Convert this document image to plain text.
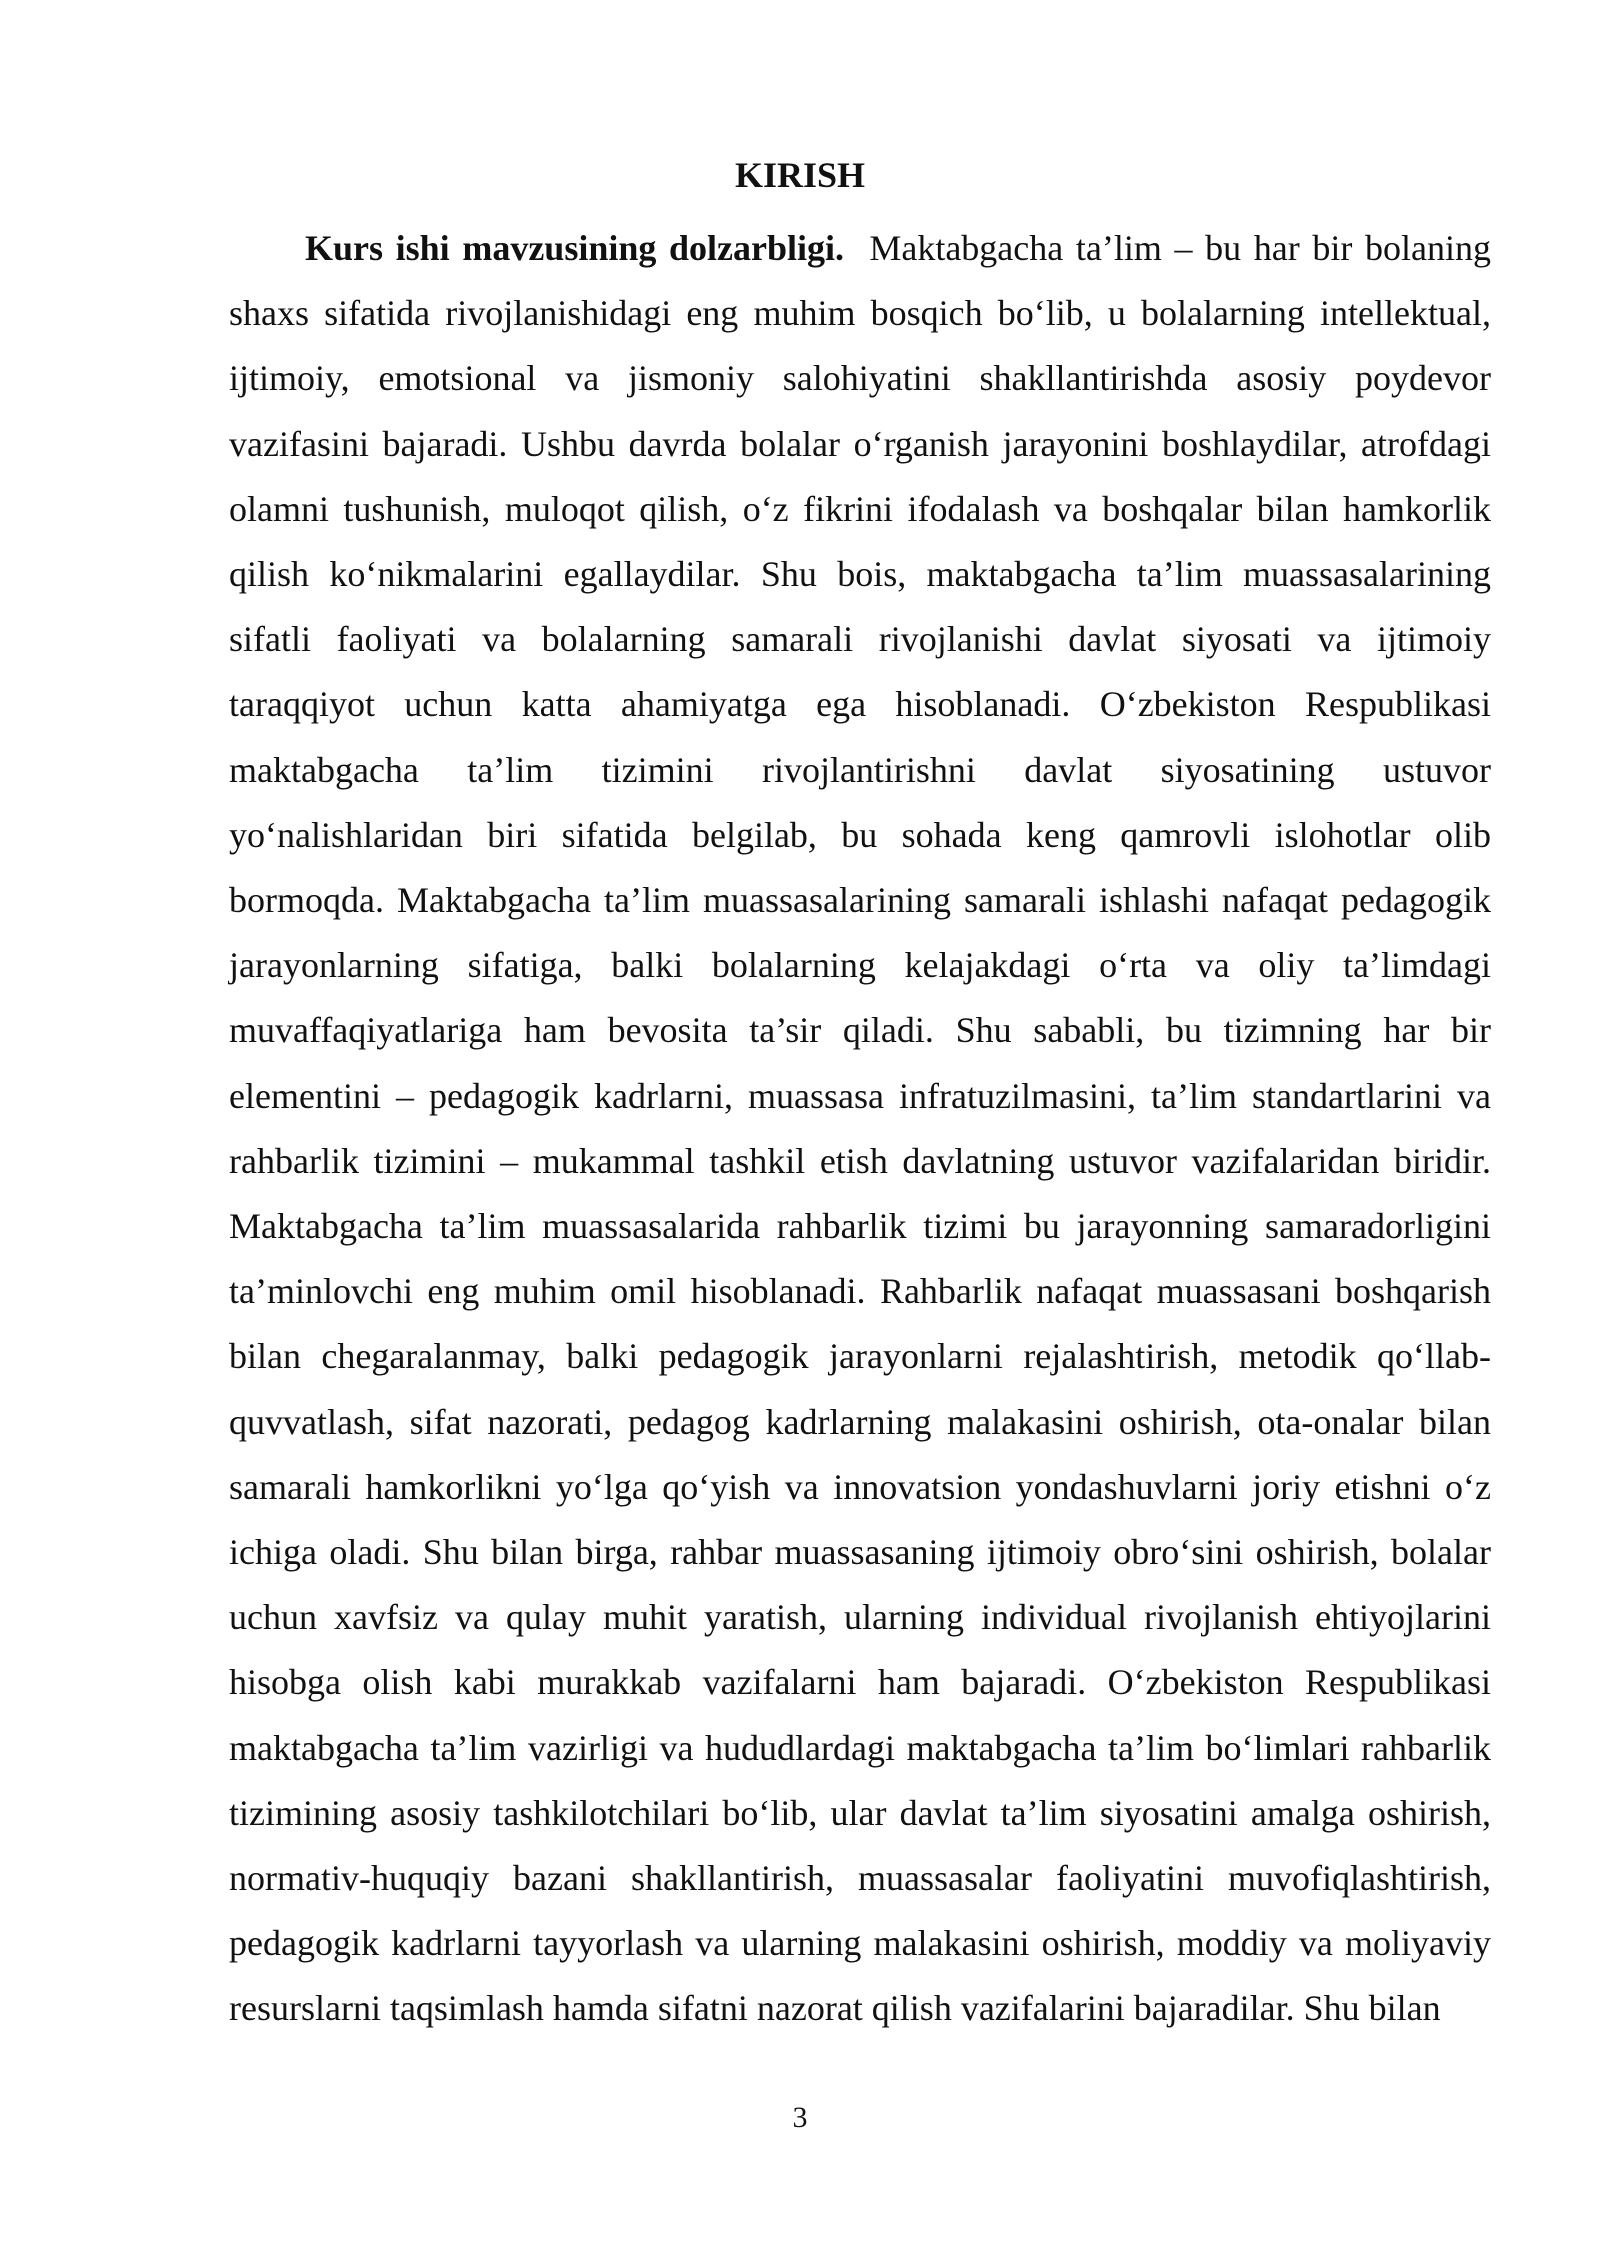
KIRISH

Kurs ishi mavzusining dolzarbligi. Maktabgacha ta’lim – bu har bir bolaning shaxs sifatida rivojlanishidagi eng muhim bosqich bo‘lib, u bolalarning intellektual, ijtimoiy, emotsional va jismoniy salohiyatini shakllantirishda asosiy poydevor vazifasini bajaradi. Ushbu davrda bolalar o‘rganish jarayonini boshlaydilar, atrofdagi olamni tushunish, muloqot qilish, o‘z fikrini ifodalash va boshqalar bilan hamkorlik qilish ko‘nikmalarini egallaydilar. Shu bois, maktabgacha ta’lim muassasalarining sifatli faoliyati va bolalarning samarali rivojlanishi davlat siyosati va ijtimoiy taraqqiyot uchun katta ahamiyatga ega hisoblanadi. O‘zbekiston Respublikasi maktabgacha ta’lim tizimini rivojlantirishni davlat siyosatining ustuvor yo‘nalishlaridan biri sifatida belgilab, bu sohada keng qamrovli islohotlar olib bormoqda. Maktabgacha ta’lim muassasalarining samarali ishlashi nafaqat pedagogik jarayonlarning sifatiga, balki bolalarning kelajakdagi o‘rta va oliy ta’limdagi muvaffaqiyatlariga ham bevosita ta’sir qiladi. Shu sababli, bu tizimning har bir elementini – pedagogik kadrlarni, muassasa infratuzilmasini, ta’lim standartlarini va rahbarlik tizimini – mukammal tashkil etish davlatning ustuvor vazifalaridan biridir. Maktabgacha ta’lim muassasalarida rahbarlik tizimi bu jarayonning samaradorligini ta’minlovchi eng muhim omil hisoblanadi. Rahbarlik nafaqat muassasani boshqarish bilan chegaralanmay, balki pedagogik jarayonlarni rejalashtirish, metodik qo‘llab-quvvatlash, sifat nazorati, pedagog kadrlarning malakasini oshirish, ota-onalar bilan samarali hamkorlikni yo‘lga qo‘yish va innovatsion yondashuvlarni joriy etishni o‘z ichiga oladi. Shu bilan birga, rahbar muassasaning ijtimoiy obro‘sini oshirish, bolalar uchun xavfsiz va qulay muhit yaratish, ularning individual rivojlanish ehtiyojlarini hisobga olish kabi murakkab vazifalarni ham bajaradi. O‘zbekiston Respublikasi maktabgacha ta’lim vazirligi va hududlardagi maktabgacha ta’lim bo‘limlari rahbarlik tizimining asosiy tashkilotchilari bo‘lib, ular davlat ta’lim siyosatini amalga oshirish, normativ-huquqiy bazani shakllantirish, muassasalar faoliyatini muvofiqlashtirish, pedagogik kadrlarni tayyorlash va ularning malakasini oshirish, moddiy va moliyaviy resurslarni taqsimlash hamda sifatni nazorat qilish vazifalarini bajaradilar. Shu bilan

3
